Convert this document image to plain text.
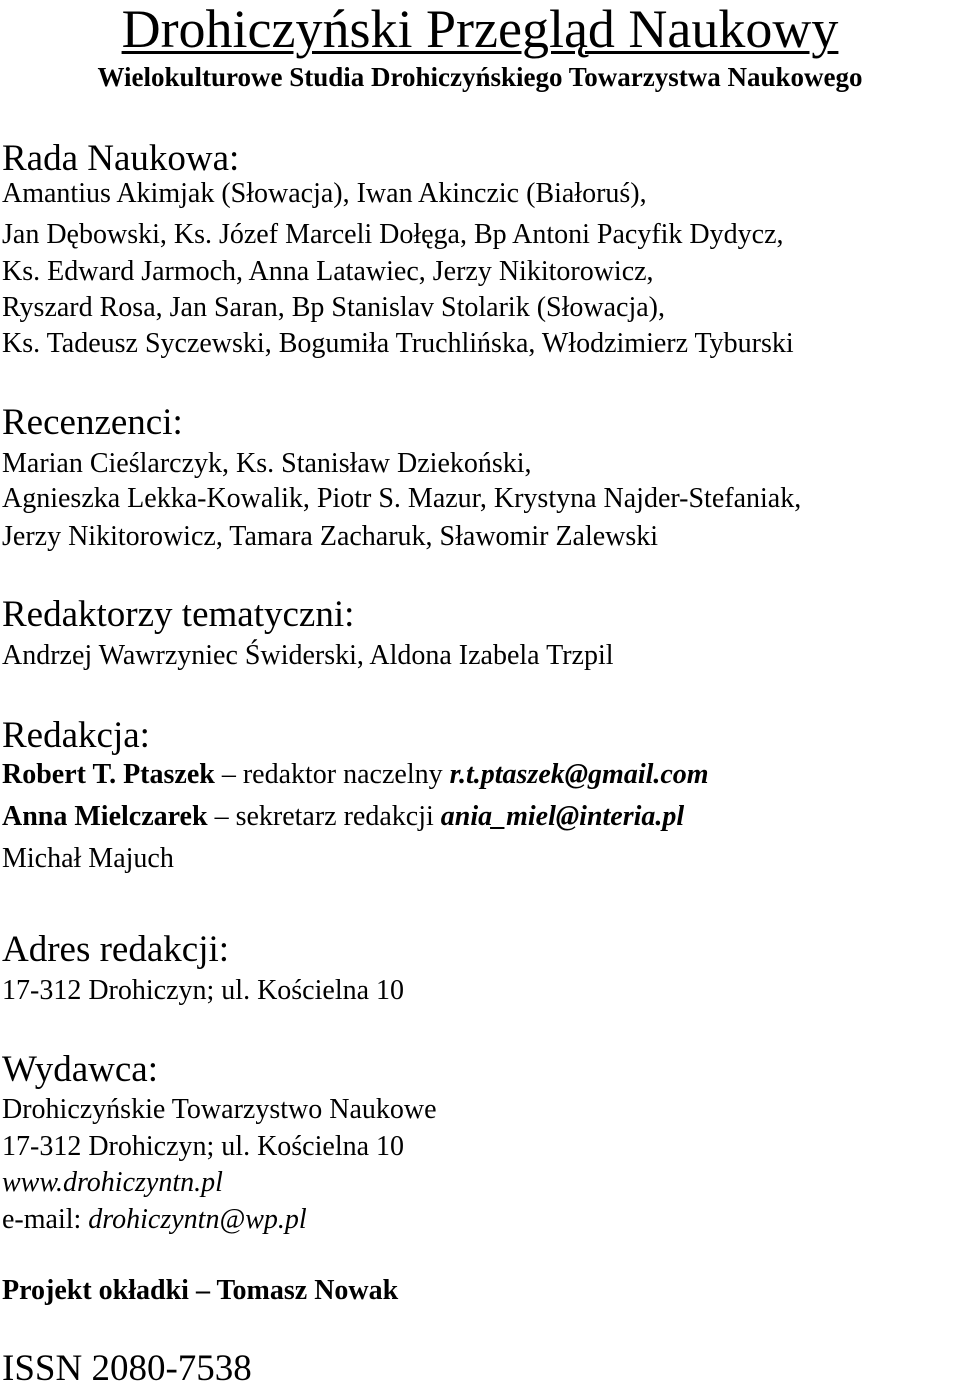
Drohiczyński Przegląd Naukowy
Wielokulturowe Studia Drohiczyńskiego Towarzystwa Naukowego
Rada Naukowa:
Amantius Akimjak (Słowacja), Iwan Akinczic (Białoruś),
Jan Dębowski, Ks. Józef Marceli Dołęga, Bp Antoni Pacyfik Dydycz,
Ks. Edward Jarmoch, Anna Latawiec, Jerzy Nikitorowicz,
Ryszard Rosa, Jan Saran, Bp Stanislav Stolarik (Słowacja),
Ks. Tadeusz Syczewski, Bogumiła Truchlińska, Włodzimierz Tyburski
Recenzenci:
Marian Cieślarczyk, Ks. Stanisław Dziekoński,
Agnieszka Lekka-Kowalik, Piotr S. Mazur, Krystyna Najder-Stefaniak,
Jerzy Nikitorowicz, Tamara Zacharuk, Sławomir Zalewski
Redaktorzy tematyczni:
Andrzej Wawrzyniec Świderski, Aldona Izabela Trzpil
Redakcja:
Robert T. Ptaszek – redaktor naczelny r.t.ptaszek@gmail.com
Anna Mielczarek – sekretarz redakcji ania_miel@interia.pl
Michał Majuch
Adres redakcji:
17-312 Drohiczyn; ul. Kościelna 10
Wydawca:
Drohiczyńskie Towarzystwo Naukowe
17-312 Drohiczyn; ul. Kościelna 10
www.drohiczyntn.pl
e-mail: drohiczyntn@wp.pl
Projekt okładki – Tomasz Nowak
ISSN 2080-7538
